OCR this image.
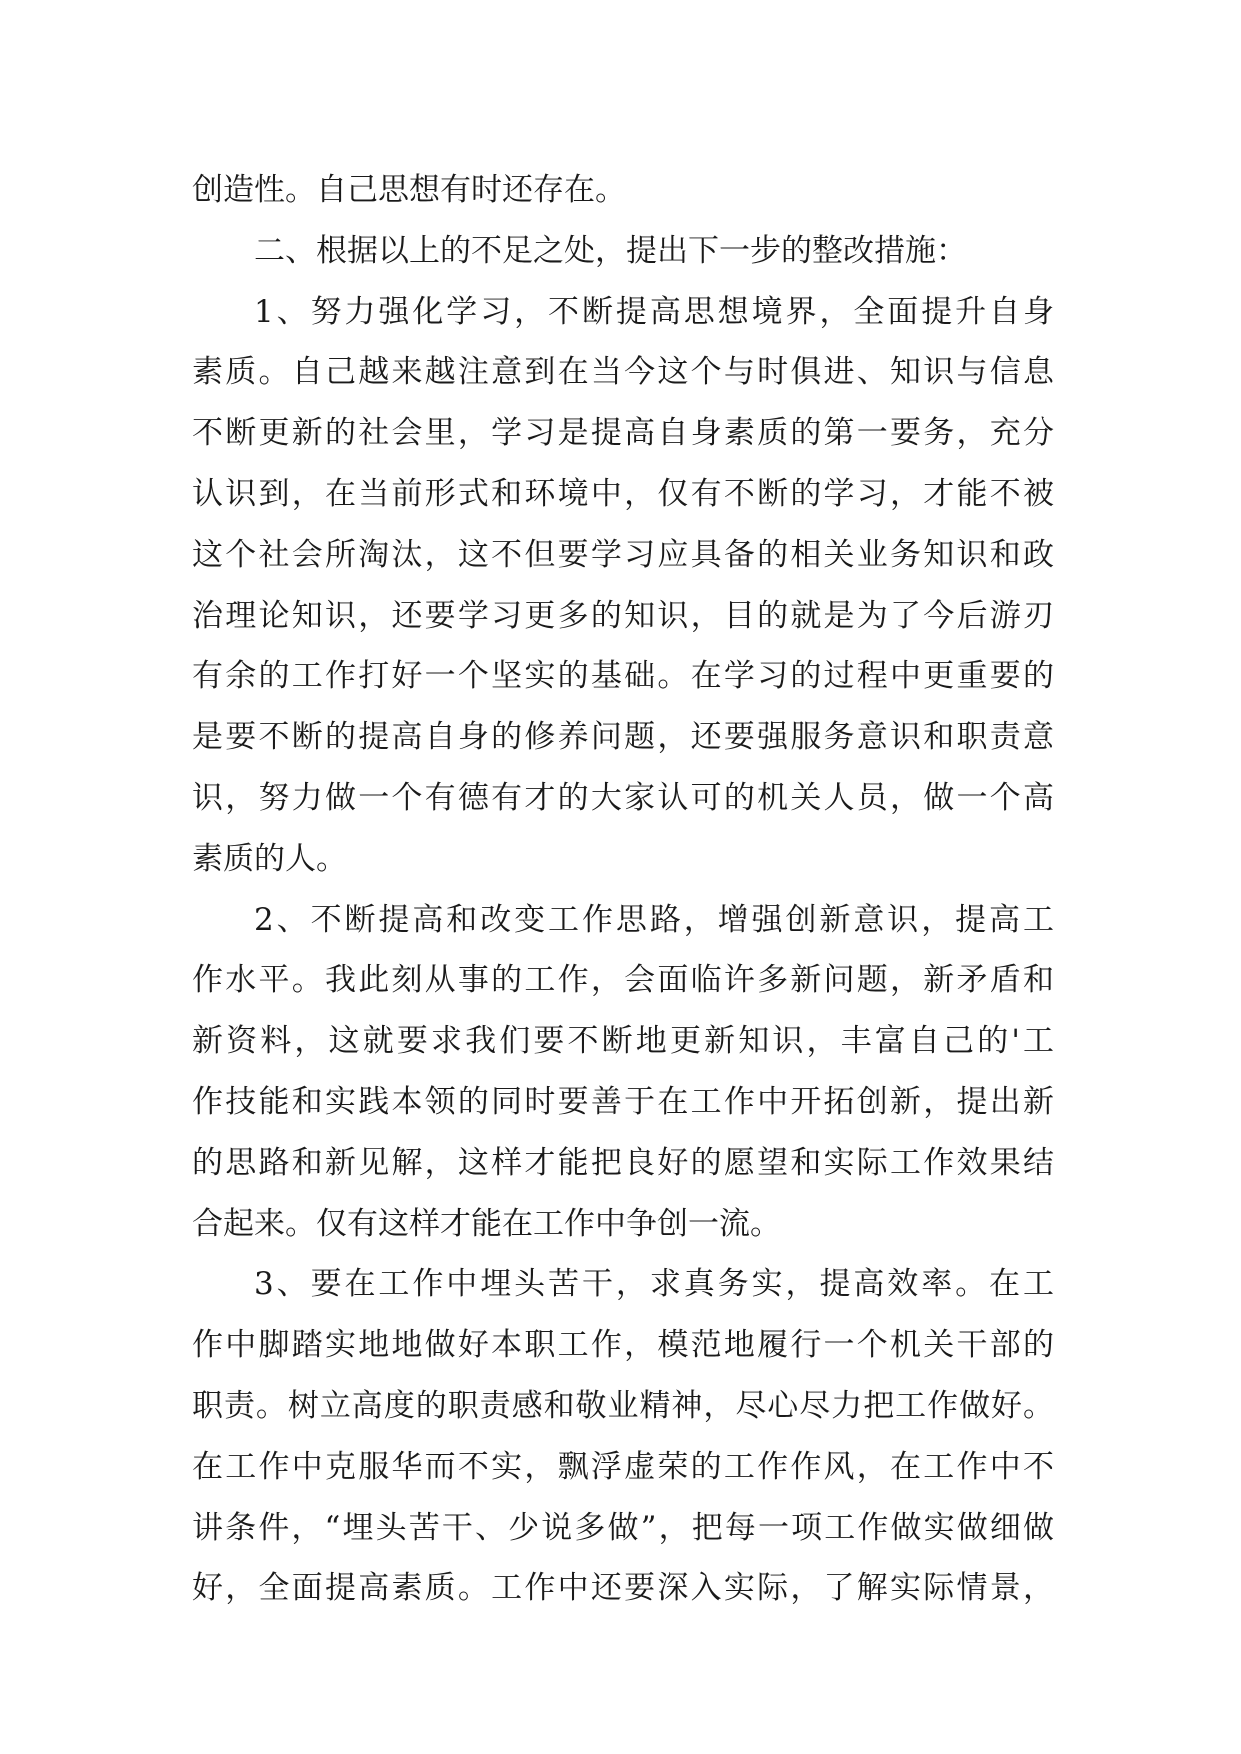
创造性。自己思想有时还存在。
二、根据以上的不足之处，提出下一步的整改措施：
1、努力强化学习，不断提高思想境界，全面提升自身
素质。自己越来越注意到在当今这个与时俱进、知识与信息
不断更新的社会里，学习是提高自身素质的第一要务，充分
认识到，在当前形式和环境中，仅有不断的学习，才能不被
这个社会所淘汰，这不但要学习应具备的相关业务知识和政
治理论知识，还要学习更多的知识，目的就是为了今后游刃
有余的工作打好一个坚实的基础。在学习的过程中更重要的
是要不断的提高自身的修养问题，还要强服务意识和职责意
识，努力做一个有德有才的大家认可的机关人员，做一个高
素质的人。
2、不断提高和改变工作思路，增强创新意识，提高工
作水平。我此刻从事的工作，会面临许多新问题，新矛盾和
新资料，这就要求我们要不断地更新知识，丰富自己的'工
作技能和实践本领的同时要善于在工作中开拓创新，提出新
的思路和新见解，这样才能把良好的愿望和实际工作效果结
合起来。仅有这样才能在工作中争创一流。
3、要在工作中埋头苦干，求真务实，提高效率。在工
作中脚踏实地地做好本职工作，模范地履行一个机关干部的
职责。树立高度的职责感和敬业精神，尽心尽力把工作做好。
在工作中克服华而不实，飘浮虚荣的工作作风，在工作中不
讲条件，“埋头苦干、少说多做”，把每一项工作做实做细做
好，全面提高素质。工作中还要深入实际，了解实际情景，
